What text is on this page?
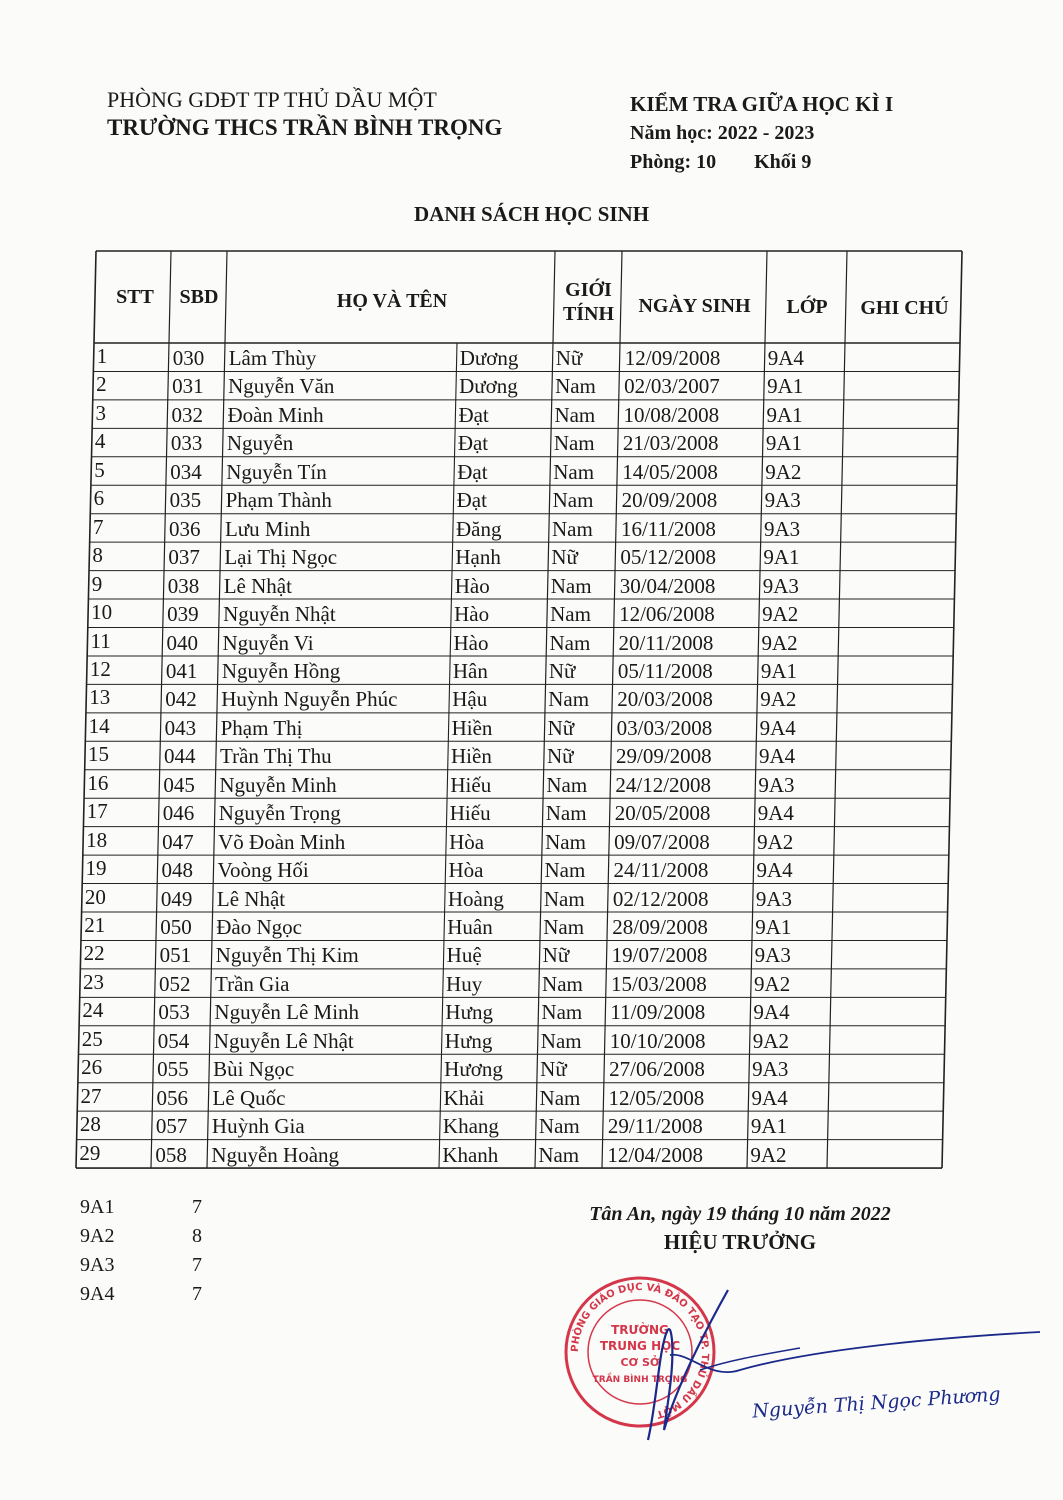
PHÒNG GDĐT TP THỦ DẦU MỘT
TRƯỜNG THCS TRẦN BÌNH TRỌNG
KIỂM TRA GIỮA HỌC KÌ I
Năm học: 2022 - 2023
Phòng: 10 Khối 9
DANH SÁCH HỌC SINH
STT	SBD	HỌ VÀ TÊN	GIỚI
TÍNH	NGÀY SINH	LỚP	GHI CHÚ
1	030 Lâm Thùy	Dương Nữ 12/09/2008 9A4
2	031 Nguyễn Văn	Dương Nam 02/03/2007 9A1
3	032 Đoàn Minh	Đạt	Nam 10/08/2008 9A1
4	033 Nguyễn	Đạt	Nam 21/03/2008 9A1
5	034 Nguyễn Tín	Đạt	Nam 14/05/2008 9A2
6	035 Phạm Thành	Đạt	Nam 20/09/2008 9A3
7	036 Lưu Minh	Đăng Nam 16/11/2008 9A3
8	037 Lại Thị Ngọc	Hạnh Nữ 05/12/2008 9A1
9	038 Lê Nhật	Hào	Nam 30/04/2008 9A3
10	039 Nguyễn Nhật	Hào	Nam 12/06/2008 9A2
11	040 Nguyễn Vi	Hào	Nam 20/11/2008 9A2
12	041 Nguyễn Hồng	Hân	Nữ 05/11/2008 9A1
13	042 Huỳnh Nguyễn Phúc	Hậu	Nam 20/03/2008 9A2
14	043 Phạm Thị	Hiền	Nữ 03/03/2008 9A4
15	044 Trần Thị Thu	Hiền	Nữ 29/09/2008 9A4
16	045 Nguyễn Minh	Hiếu	Nam 24/12/2008 9A3
17	046 Nguyễn Trọng	Hiếu	Nam 20/05/2008 9A4
18	047 Võ Đoàn Minh	Hòa	Nam 09/07/2008 9A2
19	048 Voòng Hối	Hòa	Nam 24/11/2008 9A4
20	049 Lê Nhật	Hoàng Nam 02/12/2008 9A3
21	050 Đào Ngọc	Huân Nam 28/09/2008 9A1
22	051 Nguyễn Thị Kim	Huệ	Nữ 19/07/2008 9A3
23	052 Trần Gia	Huy	Nam 15/03/2008 9A2
24	053 Nguyễn Lê Minh	Hưng Nam 11/09/2008 9A4
25	054 Nguyễn Lê Nhật	Hưng Nam 10/10/2008 9A2
26	055 Bùi Ngọc	Hương Nữ 27/06/2008 9A3
27	056 Lê Quốc	Khải	Nam 12/05/2008 9A4
28	057 Huỳnh Gia	Khang Nam 29/11/2008 9A1
29	058 Nguyễn Hoàng	Khanh Nam 12/04/2008 9A2
9A1	7
9A2	8
9A3	7
9A4	7
Tân An, ngày 19 tháng 10 năm 2022
HIỆU TRƯỞNG
PHÒNG GIÁO DỤC VÀ ĐÀO TẠO TP. THỦ DẦU MỘT
TRƯỜNG
TRUNG HỌC
CƠ SỞ
TRẦN BÌNH TRỌNG
Nguyễn Thị Ngọc Phương
